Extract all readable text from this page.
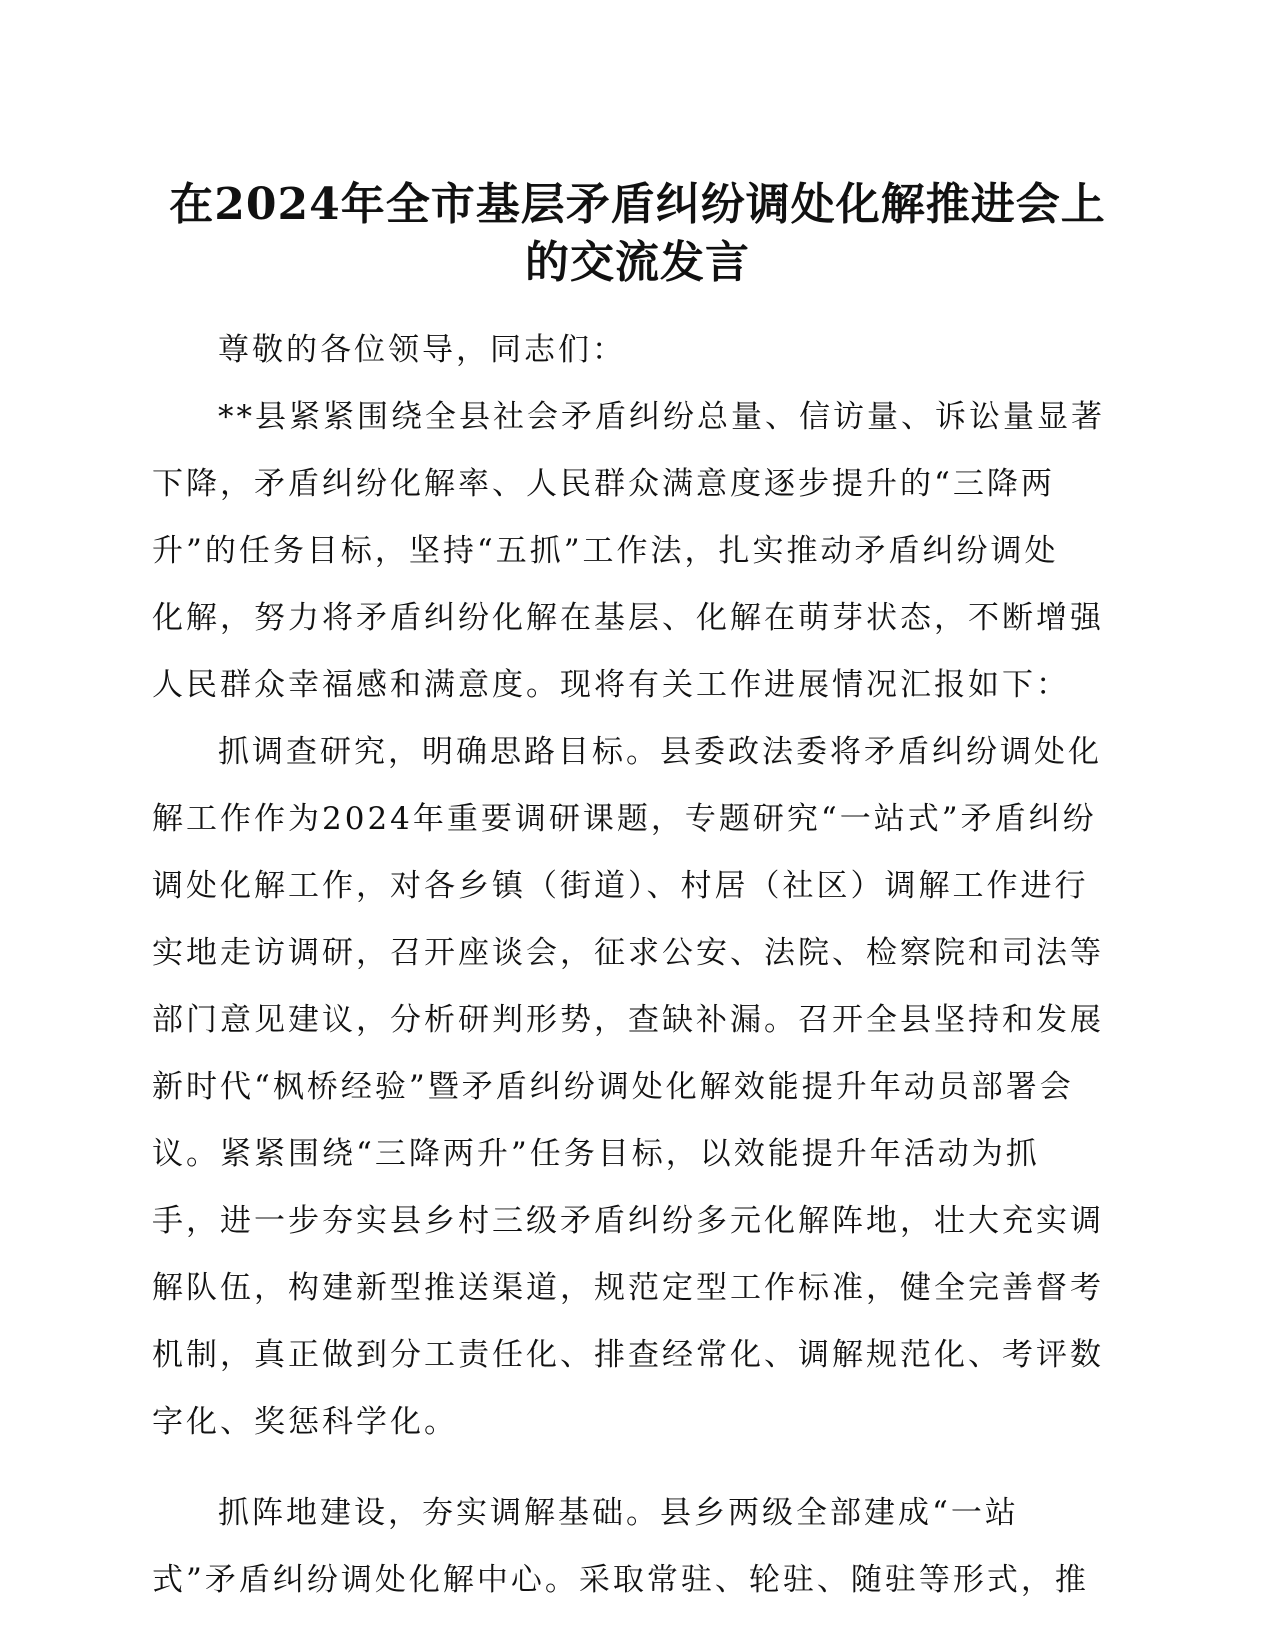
在2024年全市基层矛盾纠纷调处化解推进会上
的交流发言
尊敬的各位领导，同志们：
**县紧紧围绕全县社会矛盾纠纷总量、信访量、诉讼量显著
下降，矛盾纠纷化解率、人民群众满意度逐步提升的“三降两
升”的任务目标，坚持“五抓”工作法，扎实推动矛盾纠纷调处
化解，努力将矛盾纠纷化解在基层、化解在萌芽状态，不断增强
人民群众幸福感和满意度。现将有关工作进展情况汇报如下：
抓调查研究，明确思路目标。县委政法委将矛盾纠纷调处化
解工作作为2024年重要调研课题，专题研究“一站式”矛盾纠纷
调处化解工作，对各乡镇（街道）、村居（社区）调解工作进行
实地走访调研，召开座谈会，征求公安、法院、检察院和司法等
部门意见建议，分析研判形势，查缺补漏。召开全县坚持和发展
新时代“枫桥经验”暨矛盾纠纷调处化解效能提升年动员部署会
议。紧紧围绕“三降两升”任务目标，以效能提升年活动为抓
手，进一步夯实县乡村三级矛盾纠纷多元化解阵地，壮大充实调
解队伍，构建新型推送渠道，规范定型工作标准，健全完善督考
机制，真正做到分工责任化、排查经常化、调解规范化、考评数
字化、奖惩科学化。
抓阵地建设，夯实调解基础。县乡两级全部建成“一站
式”矛盾纠纷调处化解中心。采取常驻、轮驻、随驻等形式，推
